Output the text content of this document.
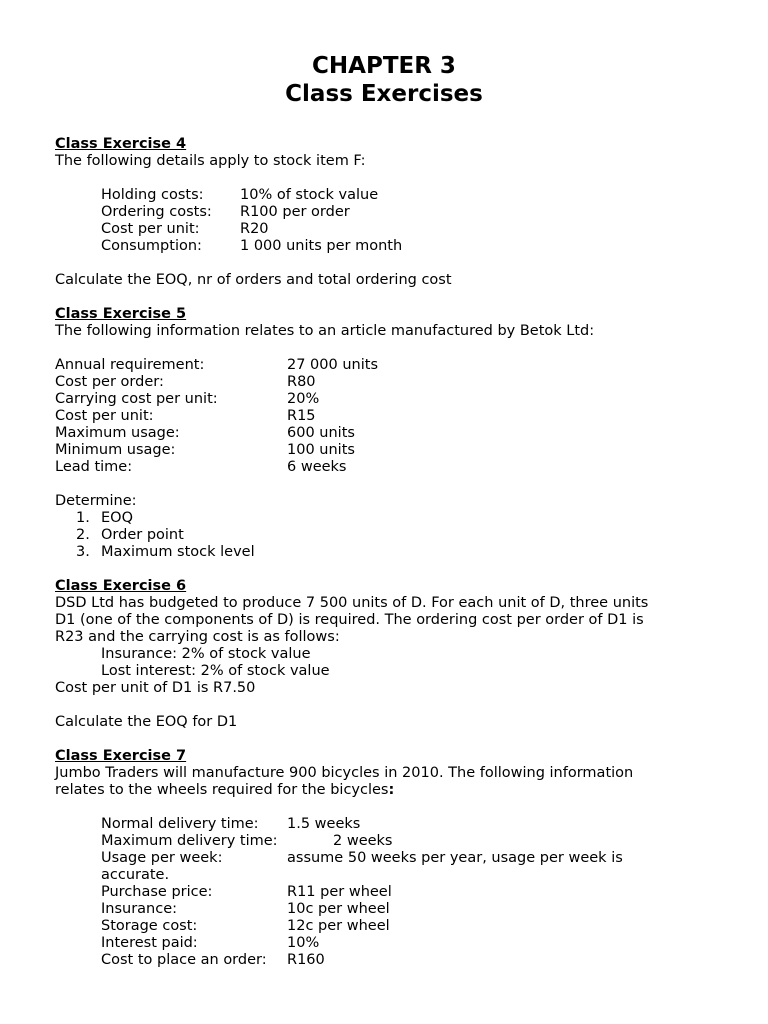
CHAPTER 3
Class Exercises
Class Exercise 4
The following details apply to stock item F:
Holding costs:	10% of stock value
Ordering costs: R100 per order
Cost per unit:	R20
Consumption:	1 000 units per month
Calculate the EOQ, nr of orders and total ordering cost
Class Exercise 5
The following information relates to an article manufactured by Betok Ltd:
Annual requirement:	27 000 units
Cost per order:	R80
Carrying cost per unit:	20%
Cost per unit:	R15
Maximum usage:	600 units
Minimum usage:	100 units
Lead time:	6 weeks
Determine:
1. EOQ
2. Order point
3. Maximum stock level
Class Exercise 6
DSD Ltd has budgeted to produce 7 500 units of D. For each unit of D, three units
D1 (one of the components of D) is required. The ordering cost per order of D1 is
R23 and the carrying cost is as follows:
Insurance: 2% of stock value
Lost interest: 2% of stock value
Cost per unit of D1 is R7.50
Calculate the EOQ for D1
Class Exercise 7
Jumbo Traders will manufacture 900 bicycles in 2010. The following information
relates to the wheels required for the bicycles:
Normal delivery time: 1.5 weeks
Maximum delivery time:	2 weeks
Usage per week:	assume 50 weeks per year, usage per week is
accurate.
Purchase price:	R11 per wheel
Insurance:	10c per wheel
Storage cost:	12c per wheel
Interest paid:	10%
Cost to place an order: R160
